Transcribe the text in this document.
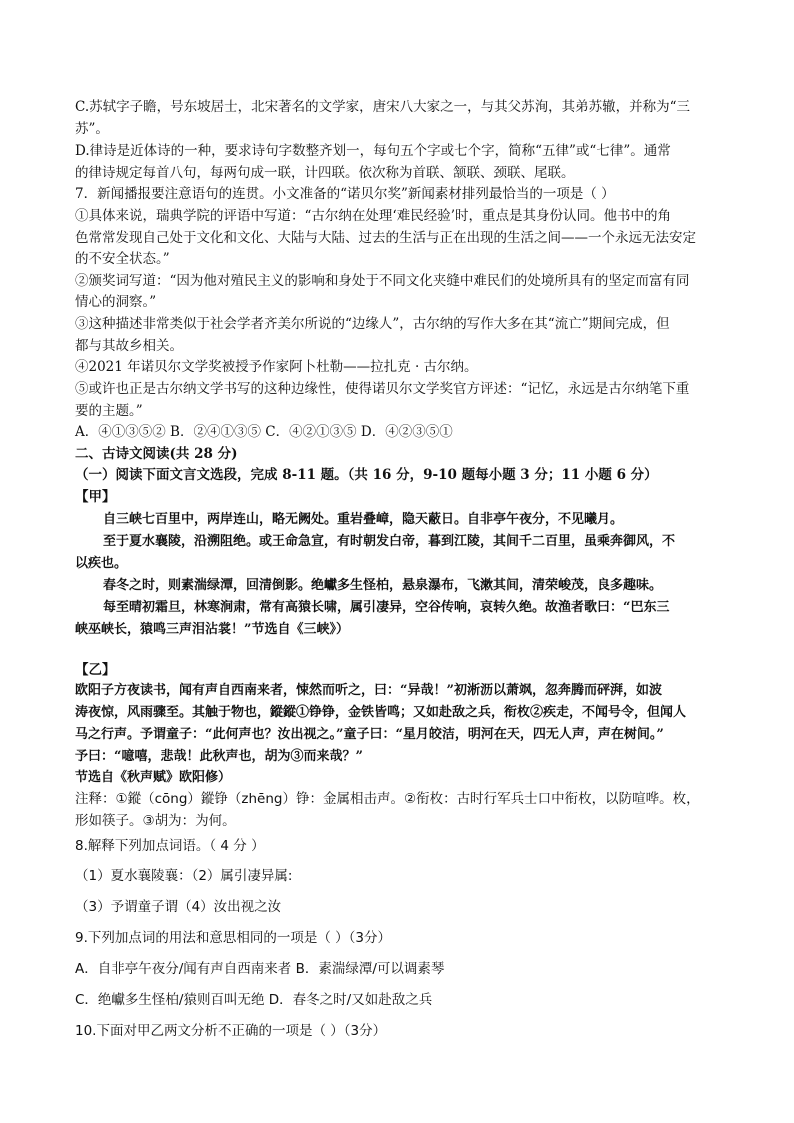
C.苏轼字子瞻，号东坡居士，北宋著名的文学家，唐宋八大家之一，与其父苏洵，其弟苏辙，并称为“三
苏”。
D.律诗是近体诗的一种，要求诗句字数整齐划一，每句五个字或七个字，简称“五律”或“七律”。通常
的律诗规定每首八句，每两句成一联，计四联。依次称为首联、颔联、颈联、尾联。
7．新闻播报要注意语句的连贯。小文准备的“诺贝尔奖”新闻素材排列最恰当的一项是（ ）
①具体来说，瑞典学院的评语中写道：“古尔纳在处理‘难民经验’时，重点是其身份认同。他书中的角
色常常发现自己处于文化和文化、大陆与大陆、过去的生活与正在出现的生活之间——一个永远无法安定
的不安全状态。”
②颁奖词写道：“因为他对殖民主义的影响和身处于不同文化夹缝中难民们的处境所具有的坚定而富有同
情心的洞察。”
③这种描述非常类似于社会学者齐美尔所说的“边缘人”，古尔纳的写作大多在其“流亡”期间完成，但
都与其故乡相关。
④2021 年诺贝尔文学奖被授予作家阿卜杜勒——拉扎克 · 古尔纳。
⑤或许也正是古尔纳文学书写的这种边缘性，使得诺贝尔文学奖官方评述：“记忆，永远是古尔纳笔下重
要的主题。”
A．④①③⑤② B．②④①③⑤ C．④②①③⑤ D．④②③⑤①
二、古诗文阅读(共 28 分)
（一）阅读下面文言文选段，完成 8-11 题。（共 16 分，9-10 题每小题 3 分；11 小题 6 分）
【甲】
自三峡七百里中，两岸连山，略无阙处。重岩叠嶂，隐天蔽日。自非亭午夜分，不见曦月。
至于夏水襄陵，沿溯阻绝。或王命急宣，有时朝发白帝，暮到江陵，其间千二百里，虽乘奔御风，不
以疾也。
春冬之时，则素湍绿潭，回清倒影。绝巘多生怪柏，悬泉瀑布，飞漱其间，清荣峻茂，良多趣味。
每至晴初霜旦，林寒涧肃，常有高猿长啸，属引凄异，空谷传响，哀转久绝。故渔者歌曰：“巴东三
峡巫峡长，猿鸣三声泪沾裳！”节选自《三峡》）
【乙】
欧阳子方夜读书，闻有声自西南来者，悚然而听之，曰：“异哉！”初淅沥以萧飒，忽奔腾而砰湃，如波
涛夜惊，风雨骤至。其触于物也，鏦鏦①铮铮，金铁皆鸣；又如赴敌之兵，衔枚②疾走，不闻号令，但闻人
马之行声。予谓童子：“此何声也？汝出视之。”童子曰：“星月皎洁，明河在天，四无人声，声在树间。”
予曰：“噫嘻，悲哉！此秋声也，胡为③而来哉？”
节选自《秋声赋》欧阳修）
注释：①鏦（cōng）鏦铮（zhēng）铮：金属相击声。②衔枚：古时行军兵士口中衔枚，以防喧哗。枚，
形如筷子。③胡为：为何。
8.解释下列加点词语。（ 4 分 ）
（1）夏水襄陵襄：（2）属引凄异属:
（3）予谓童子谓（4）汝出视之汝
9.下列加点词的用法和意思相同的一项是（ ）（3分）
A．自非亭午夜分/闻有声自西南来者 B．素湍绿潭/可以调素琴
C．绝巘多生怪柏/猿则百叫无绝 D．春冬之时/又如赴敌之兵
10.下面对甲乙两文分析不正确的一项是（ ）（3分）
